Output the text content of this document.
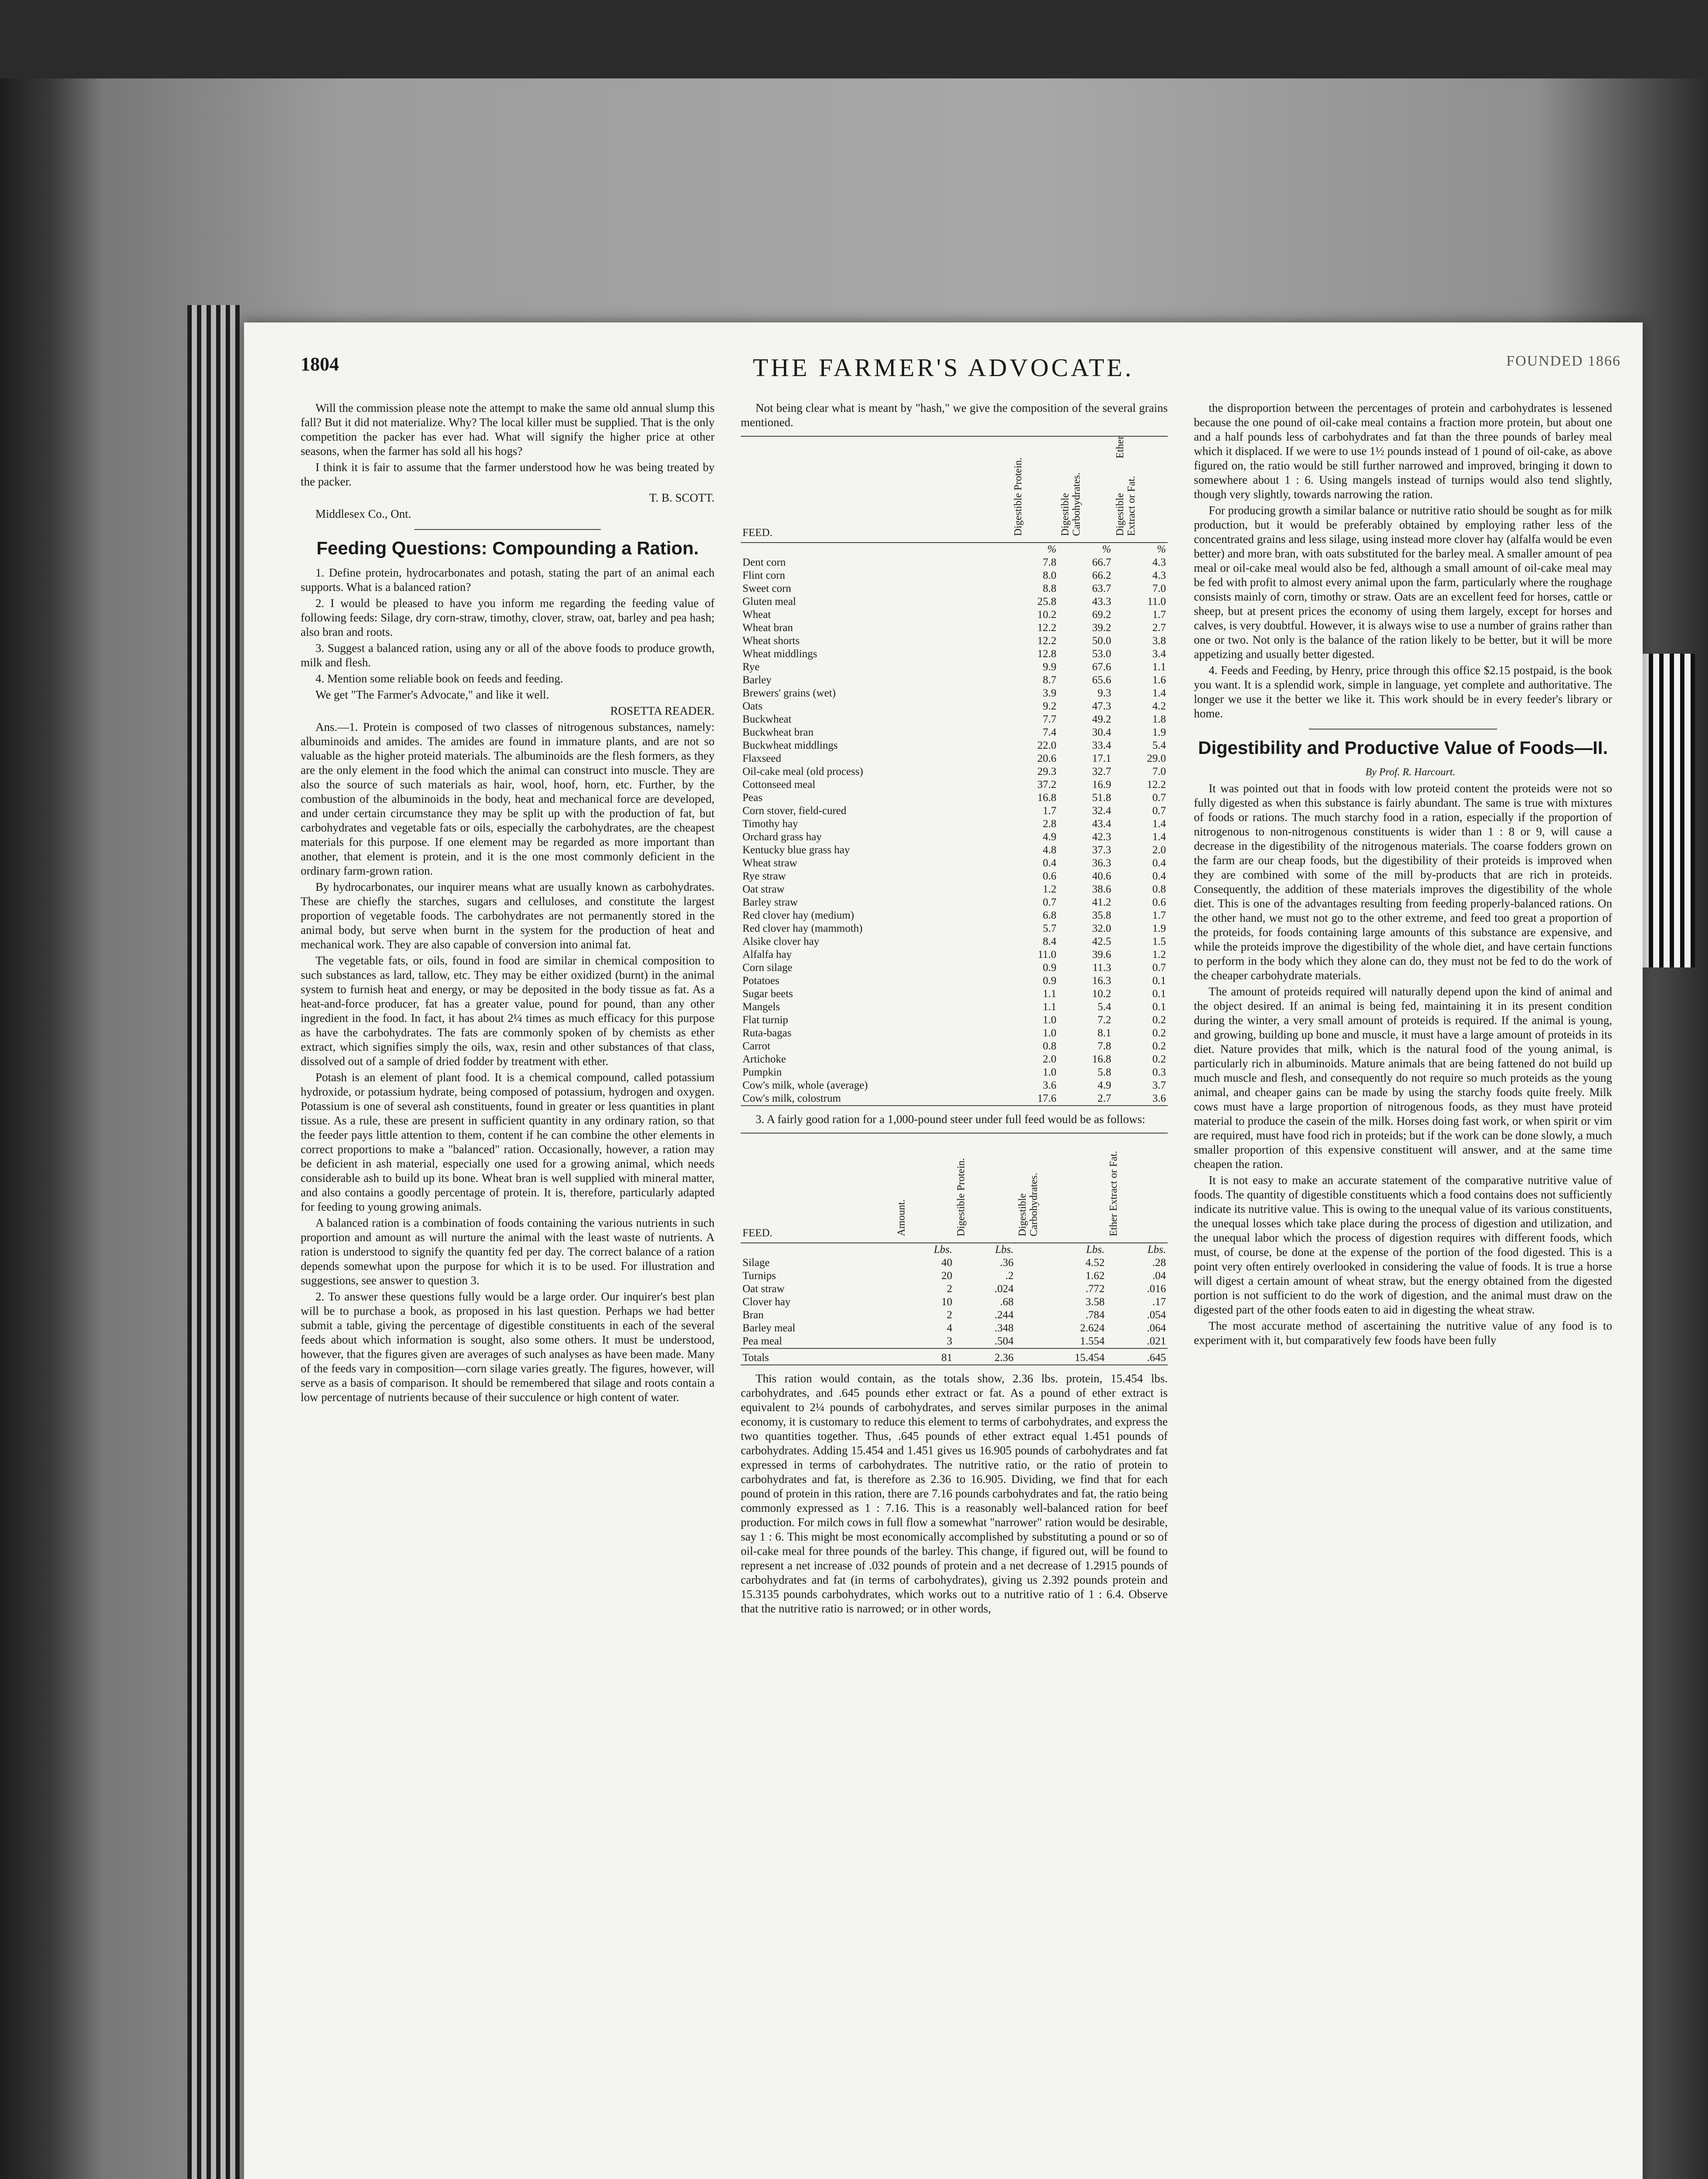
1804	THE FARMER'S ADVOCATE.	FOUNDED 1866

Will the commission please note the attempt to make the same old annual slump this fall? But it did not materialize. Why? The local killer must be supplied. That is the only competition the packer has ever had. What will signify the higher price at other seasons, when the farmer has sold all his hogs?

I think it is fair to assume that the farmer understood how he was being treated by the packer.

T. B. SCOTT.

Middlesex Co., Ont.

Feeding Questions: Compounding a Ration.

1. Define protein, hydrocarbonates and potash, stating the part of an animal each supports. What is a balanced ration?

2. I would be pleased to have you inform me regarding the feeding value of following feeds: Silage, dry corn-straw, timothy, clover, straw, oat, barley and pea hash; also bran and roots.

3. Suggest a balanced ration, using any or all of the above foods to produce growth, milk and flesh.

4. Mention some reliable book on feeds and feeding.

We get "The Farmer's Advocate," and like it well.

ROSETTA READER.

Ans.—1. Protein is composed of two classes of nitrogenous substances, namely: albuminoids and amides. The amides are found in immature plants, and are not so valuable as the higher proteid materials. The albuminoids are the flesh formers, as they are the only element in the food which the animal can construct into muscle. They are also the source of such materials as hair, wool, hoof, horn, etc. Further, by the combustion of the albuminoids in the body, heat and mechanical force are developed, and under certain circumstance they may be split up with the production of fat, but carbohydrates and vegetable fats or oils, especially the carbohydrates, are the cheapest materials for this purpose. If one element may be regarded as more important than another, that element is protein, and it is the one most commonly deficient in the ordinary farm-grown ration.

By hydrocarbonates, our inquirer means what are usually known as carbohydrates. These are chiefly the starches, sugars and celluloses, and constitute the largest proportion of vegetable foods. The carbohydrates are not permanently stored in the animal body, but serve when burnt in the system for the production of heat and mechanical work. They are also capable of conversion into animal fat.

The vegetable fats, or oils, found in food are similar in chemical composition to such substances as lard, tallow, etc. They may be either oxidized (burnt) in the animal system to furnish heat and energy, or may be deposited in the body tissue as fat. As a heat-and-force producer, fat has a greater value, pound for pound, than any other ingredient in the food. In fact, it has about 2¼ times as much efficacy for this purpose as have the carbohydrates. The fats are commonly spoken of by chemists as ether extract, which signifies simply the oils, wax, resin and other substances of that class, dissolved out of a sample of dried fodder by treatment with ether.

Potash is an element of plant food. It is a chemical compound, called potassium hydroxide, or potassium hydrate, being composed of potassium, hydrogen and oxygen. Potassium is one of several ash constituents, found in greater or less quantities in plant tissue. As a rule, these are present in sufficient quantity in any ordinary ration, so that the feeder pays little attention to them, content if he can combine the other elements in correct proportions to make a "balanced" ration. Occasionally, however, a ration may be deficient in ash material, especially one used for a growing animal, which needs considerable ash to build up its bone. Wheat bran is well supplied with mineral matter, and also contains a goodly percentage of protein. It is, therefore, particularly adapted for feeding to young growing animals.

A balanced ration is a combination of foods containing the various nutrients in such proportion and amount as will nurture the animal with the least waste of nutrients. A ration is understood to signify the quantity fed per day. The correct balance of a ration depends somewhat upon the purpose for which it is to be used. For illustration and suggestions, see answer to question 3.

2. To answer these questions fully would be a large order. Our inquirer's best plan will be to purchase a book, as proposed in his last question. Perhaps we had better submit a table, giving the percentage of digestible constituents in each of the several feeds about which information is sought, also some others. It must be understood, however, that the figures given are averages of such analyses as have been made. Many of the feeds vary in composition—corn silage varies greatly. The figures, however, will serve as a basis of comparison. It should be remembered that silage and roots contain a low percentage of nutrients because of their succulence or high content of water.

Not being clear what is meant by "hash," we give the composition of the several grains mentioned.

FEED.	Digestible Protein.	Digestible Carbohydrates.	Digestible Ether Extract or Fat.
	%	%	%
Dent corn	7.8	66.7	4.3
Flint corn	8.0	66.2	4.3
Sweet corn	8.8	63.7	7.0
Gluten meal	25.8	43.3	11.0
Wheat	10.2	69.2	1.7
Wheat bran	12.2	39.2	2.7
Wheat shorts	12.2	50.0	3.8
Wheat middlings	12.8	53.0	3.4
Rye	9.9	67.6	1.1
Barley	8.7	65.6	1.6
Brewers' grains (wet)	3.9	9.3	1.4
Oats	9.2	47.3	4.2
Buckwheat	7.7	49.2	1.8
Buckwheat bran	7.4	30.4	1.9
Buckwheat middlings	22.0	33.4	5.4
Flaxseed	20.6	17.1	29.0
Oil-cake meal (old process)	29.3	32.7	7.0
Cottonseed meal	37.2	16.9	12.2
Peas	16.8	51.8	0.7
Corn stover, field-cured	1.7	32.4	0.7
Timothy hay	2.8	43.4	1.4
Orchard grass hay	4.9	42.3	1.4
Kentucky blue grass hay	4.8	37.3	2.0
Wheat straw	0.4	36.3	0.4
Rye straw	0.6	40.6	0.4
Oat straw	1.2	38.6	0.8
Barley straw	0.7	41.2	0.6
Red clover hay (medium)	6.8	35.8	1.7
Red clover hay (mammoth)	5.7	32.0	1.9
Alsike clover hay	8.4	42.5	1.5
Alfalfa hay	11.0	39.6	1.2
Corn silage	0.9	11.3	0.7
Potatoes	0.9	16.3	0.1
Sugar beets	1.1	10.2	0.1
Mangels	1.1	5.4	0.1
Flat turnip	1.0	7.2	0.2
Ruta-bagas	1.0	8.1	0.2
Carrot	0.8	7.8	0.2
Artichoke	2.0	16.8	0.2
Pumpkin	1.0	5.8	0.3
Cow's milk, whole (average)	3.6	4.9	3.7
Cow's milk, colostrum	17.6	2.7	3.6

3. A fairly good ration for a 1,000-pound steer under full feed would be as follows:

FEED.	Amount.	Digestible Protein.	Digestible Carbohydrates.	Ether Extract or Fat.
	Lbs.	Lbs.	Lbs.	Lbs.
Silage	40	.36	4.52	.28
Turnips	20	.2	1.62	.04
Oat straw	2	.024	.772	.016
Clover hay	10	.68	3.58	.17
Bran	2	.244	.784	.054
Barley meal	4	.348	2.624	.064
Pea meal	3	.504	1.554	.021
Totals	81	2.36	15.454	.645

This ration would contain, as the totals show, 2.36 lbs. protein, 15.454 lbs. carbohydrates, and .645 pounds ether extract or fat. As a pound of ether extract is equivalent to 2¼ pounds of carbohydrates, and serves similar purposes in the animal economy, it is customary to reduce this element to terms of carbohydrates, and express the two quantities together. Thus, .645 pounds of ether extract equal 1.451 pounds of carbohydrates. Adding 15.454 and 1.451 gives us 16.905 pounds of carbohydrates and fat expressed in terms of carbohydrates. The nutritive ratio, or the ratio of protein to carbohydrates and fat, is therefore as 2.36 to 16.905. Dividing, we find that for each pound of protein in this ration, there are 7.16 pounds carbohydrates and fat, the ratio being commonly expressed as 1 : 7.16. This is a reasonably well-balanced ration for beef production. For milch cows in full flow a somewhat "narrower" ration would be desirable, say 1 : 6. This might be most economically accomplished by substituting a pound or so of oil-cake meal for three pounds of the barley. This change, if figured out, will be found to represent a net increase of .032 pounds of protein and a net decrease of 1.2915 pounds of carbohydrates and fat (in terms of carbohydrates), giving us 2.392 pounds protein and 15.3135 pounds carbohydrates, which works out to a nutritive ratio of 1 : 6.4. Observe that the nutritive ratio is narrowed; or in other words,

the disproportion between the percentages of protein and carbohydrates is lessened because the one pound of oil-cake meal contains a fraction more protein, but about one and a half pounds less of carbohydrates and fat than the three pounds of barley meal which it displaced. If we were to use 1½ pounds instead of 1 pound of oil-cake, as above figured on, the ratio would be still further narrowed and improved, bringing it down to somewhere about 1 : 6. Using mangels instead of turnips would also tend slightly, though very slightly, towards narrowing the ration.

For producing growth a similar balance or nutritive ratio should be sought as for milk production, but it would be preferably obtained by employing rather less of the concentrated grains and less silage, using instead more clover hay (alfalfa would be even better) and more bran, with oats substituted for the barley meal. A smaller amount of pea meal or oil-cake meal would also be fed, although a small amount of oil-cake meal may be fed with profit to almost every animal upon the farm, particularly where the roughage consists mainly of corn, timothy or straw. Oats are an excellent feed for horses, cattle or sheep, but at present prices the economy of using them largely, except for horses and calves, is very doubtful. However, it is always wise to use a number of grains rather than one or two. Not only is the balance of the ration likely to be better, but it will be more appetizing and usually better digested.

4. Feeds and Feeding, by Henry, price through this office $2.15 postpaid, is the book you want. It is a splendid work, simple in language, yet complete and authoritative. The longer we use it the better we like it. This work should be in every feeder's library or home.

Digestibility and Productive Value of Foods—II.

By Prof. R. Harcourt.

It was pointed out that in foods with low proteid content the proteids were not so fully digested as when this substance is fairly abundant. The same is true with mixtures of foods or rations. The much starchy food in a ration, especially if the proportion of nitrogenous to non-nitrogenous constituents is wider than 1 : 8 or 9, will cause a decrease in the digestibility of the nitrogenous materials. The coarse fodders grown on the farm are our cheap foods, but the digestibility of their proteids is improved when they are combined with some of the mill by-products that are rich in proteids. Consequently, the addition of these materials improves the digestibility of the whole diet. This is one of the advantages resulting from feeding properly-balanced rations. On the other hand, we must not go to the other extreme, and feed too great a proportion of the proteids, for foods containing large amounts of this substance are expensive, and while the proteids improve the digestibility of the whole diet, and have certain functions to perform in the body which they alone can do, they must not be fed to do the work of the cheaper carbohydrate materials.

The amount of proteids required will naturally depend upon the kind of animal and the object desired. If an animal is being fed, maintaining it in its present condition during the winter, a very small amount of proteids is required. If the animal is young, and growing, building up bone and muscle, it must have a large amount of proteids in its diet. Nature provides that milk, which is the natural food of the young animal, is particularly rich in albuminoids. Mature animals that are being fattened do not build up much muscle and flesh, and consequently do not require so much proteids as the young animal, and cheaper gains can be made by using the starchy foods quite freely. Milk cows must have a large proportion of nitrogenous foods, as they must have proteid material to produce the casein of the milk. Horses doing fast work, or when spirit or vim are required, must have food rich in proteids; but if the work can be done slowly, a much smaller proportion of this expensive constituent will answer, and at the same time cheapen the ration.

It is not easy to make an accurate statement of the comparative nutritive value of foods. The quantity of digestible constituents which a food contains does not sufficiently indicate its nutritive value. This is owing to the unequal value of its various constituents, the unequal losses which take place during the process of digestion and utilization, and the unequal labor which the process of digestion requires with different foods, which must, of course, be done at the expense of the portion of the food digested. This is a point very often entirely overlooked in considering the value of foods. It is true a horse will digest a certain amount of wheat straw, but the energy obtained from the digested portion is not sufficient to do the work of digestion, and the animal must draw on the digested part of the other foods eaten to aid in digesting the wheat straw.

The most accurate method of ascertaining the nutritive value of any food is to experiment with it, but comparatively few foods have been fully
